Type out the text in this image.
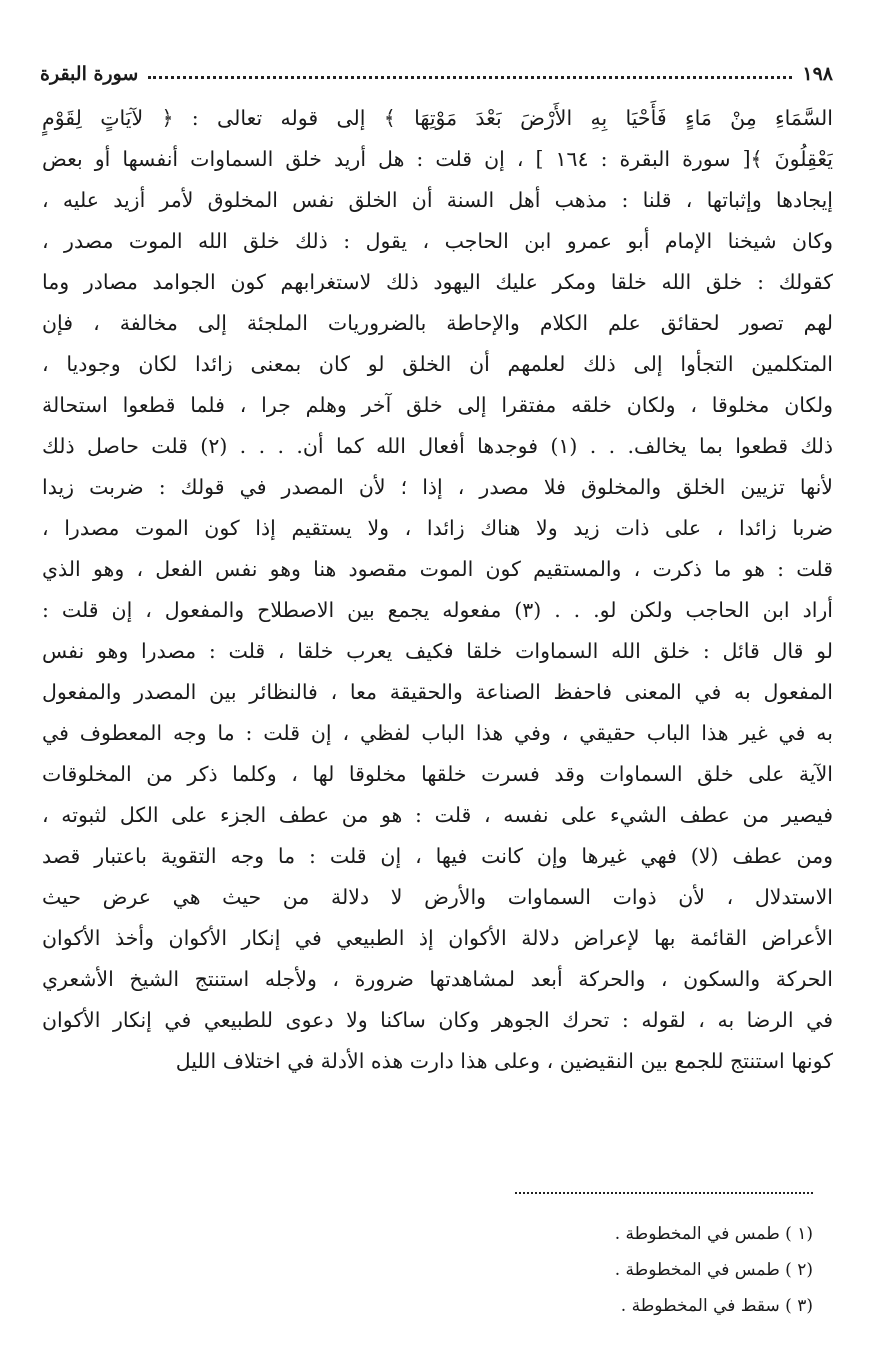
١٩٨
سورة البقرة
السَّمَاءِ مِنْ مَاءٍ فَأَحْيَا بِهِ الأَرْضَ بَعْدَ مَوْتِهَا ﴾ إلى قوله تعالى : ﴿ لآيَاتٍ لِقَوْمٍ
يَعْقِلُونَ ﴾[ سورة البقرة : ١٦٤ ] ، إن قلت : هل أريد خلق السماوات أنفسها أو بعض
إيجادها وإثباتها ، قلنا : مذهب أهل السنة أن الخلق نفس المخلوق لأمر أزيد عليه ،
وكان شيخنا الإمام أبو عمرو ابن الحاجب ، يقول : ذلك خلق الله الموت مصدر ،
كقولك : خلق الله خلقا ومكر عليك اليهود ذلك لاستغرابهم كون الجوامد مصادر وما
لهم تصور لحقائق علم الكلام والإحاطة بالضروريات الملجئة إلى مخالفة ، فإن
المتكلمين التجأوا إلى ذلك لعلمهم أن الخلق لو كان بمعنى زائدا لكان وجوديا ،
ولكان مخلوقا ، ولكان خلقه مفتقرا إلى خلق آخر وهلم جرا ، فلما قطعوا استحالة
ذلك قطعوا بما يخالف. . . (١) فوجدها أفعال الله كما أن. . . . (٢) قلت حاصل ذلك
لأنها تزيين الخلق والمخلوق فلا مصدر ، إذا ؛ لأن المصدر في قولك : ضربت زيدا
ضربا زائدا ، على ذات زيد ولا هناك زائدا ، ولا يستقيم إذا كون الموت مصدرا ،
قلت : هو ما ذكرت ، والمستقيم كون الموت مقصود هنا وهو نفس الفعل ، وهو الذي
أراد ابن الحاجب ولكن لو. . . (٣) مفعوله يجمع بين الاصطلاح والمفعول ، إن قلت :
لو قال قائل : خلق الله السماوات خلقا فكيف يعرب خلقا ، قلت : مصدرا وهو نفس
المفعول به في المعنى فاحفظ الصناعة والحقيقة معا ، فالنظائر بين المصدر والمفعول
به في غير هذا الباب حقيقي ، وفي هذا الباب لفظي ، إن قلت : ما وجه المعطوف في
الآية على خلق السماوات وقد فسرت خلقها مخلوقا لها ، وكلما ذكر من المخلوقات
فيصير من عطف الشيء على نفسه ، قلت : هو من عطف الجزء على الكل لثبوته ،
ومن عطف (لا) فهي غيرها وإن كانت فيها ، إن قلت : ما وجه التقوية باعتبار قصد
الاستدلال ، لأن ذوات السماوات والأرض لا دلالة من حيث هي عرض حيث
الأعراض القائمة بها لإعراض دلالة الأكوان إذ الطبيعي في إنكار الأكوان وأخذ الأكوان
الحركة والسكون ، والحركة أبعد لمشاهدتها ضرورة ، ولأجله استنتج الشيخ الأشعري
في الرضا به ، لقوله : تحرك الجوهر وكان ساكنا ولا دعوى للطبيعي في إنكار الأكوان
كونها استنتج للجمع بين النقيضين ، وعلى هذا دارت هذه الأدلة في اختلاف الليل
(١ ) طمس في المخطوطة .
(٢ ) طمس في المخطوطة .
(٣ ) سقط في المخطوطة .
